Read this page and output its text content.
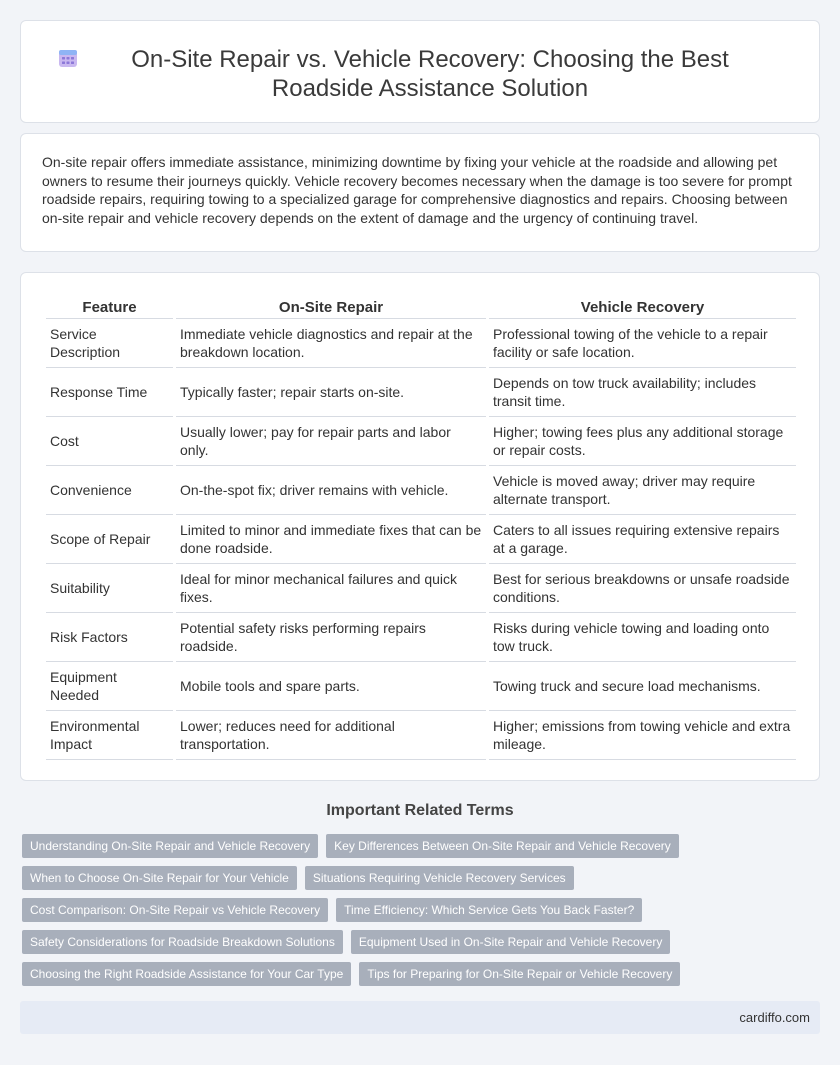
On-Site Repair vs. Vehicle Recovery: Choosing the Best Roadside Assistance Solution

On-site repair offers immediate assistance, minimizing downtime by fixing your vehicle at the roadside and allowing pet owners to resume their journeys quickly. Vehicle recovery becomes necessary when the damage is too severe for prompt roadside repairs, requiring towing to a specialized garage for comprehensive diagnostics and repairs. Choosing between on-site repair and vehicle recovery depends on the extent of damage and the urgency of continuing travel.

Feature	On-Site Repair	Vehicle Recovery
Service Description	Immediate vehicle diagnostics and repair at the breakdown location.	Professional towing of the vehicle to a repair facility or safe location.
Response Time	Typically faster; repair starts on-site.	Depends on tow truck availability; includes transit time.
Cost	Usually lower; pay for repair parts and labor only.	Higher; towing fees plus any additional storage or repair costs.
Convenience	On-the-spot fix; driver remains with vehicle.	Vehicle is moved away; driver may require alternate transport.
Scope of Repair	Limited to minor and immediate fixes that can be done roadside.	Caters to all issues requiring extensive repairs at a garage.
Suitability	Ideal for minor mechanical failures and quick fixes.	Best for serious breakdowns or unsafe roadside conditions.
Risk Factors	Potential safety risks performing repairs roadside.	Risks during vehicle towing and loading onto tow truck.
Equipment Needed	Mobile tools and spare parts.	Towing truck and secure load mechanisms.
Environmental Impact	Lower; reduces need for additional transportation.	Higher; emissions from towing vehicle and extra mileage.
Important Related Terms
Understanding On-Site Repair and Vehicle Recovery	Key Differences Between On-Site Repair and Vehicle Recovery
When to Choose On-Site Repair for Your Vehicle	Situations Requiring Vehicle Recovery Services
Cost Comparison: On-Site Repair vs Vehicle Recovery	Time Efficiency: Which Service Gets You Back Faster?
Safety Considerations for Roadside Breakdown Solutions	Equipment Used in On-Site Repair and Vehicle Recovery
Choosing the Right Roadside Assistance for Your Car Type	Tips for Preparing for On-Site Repair or Vehicle Recovery
cardiffo.com
